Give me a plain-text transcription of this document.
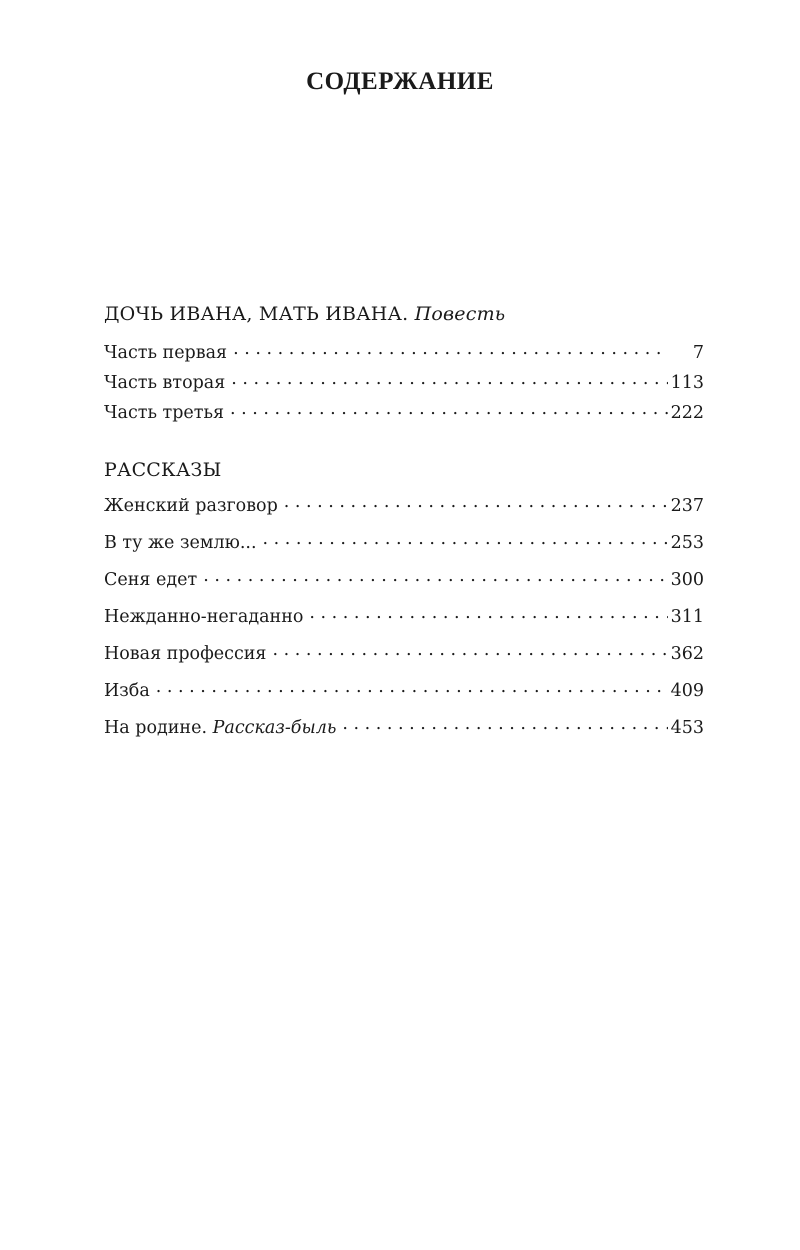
СОДЕРЖАНИЕ
ДОЧЬ ИВАНА, МАТЬ ИВАНА. Повесть
Часть первая . . .	7
Часть вторая . . .	113
Часть третья . . .	222
РАССКАЗЫ
Женский разговор . . .	237
В ту же землю... . . .	253
Сеня едет . . .	300
Нежданно-негаданно . . .	311
Новая профессия . . .	362
Изба . . .	409
На родине. Рассказ-быль . . .	453
